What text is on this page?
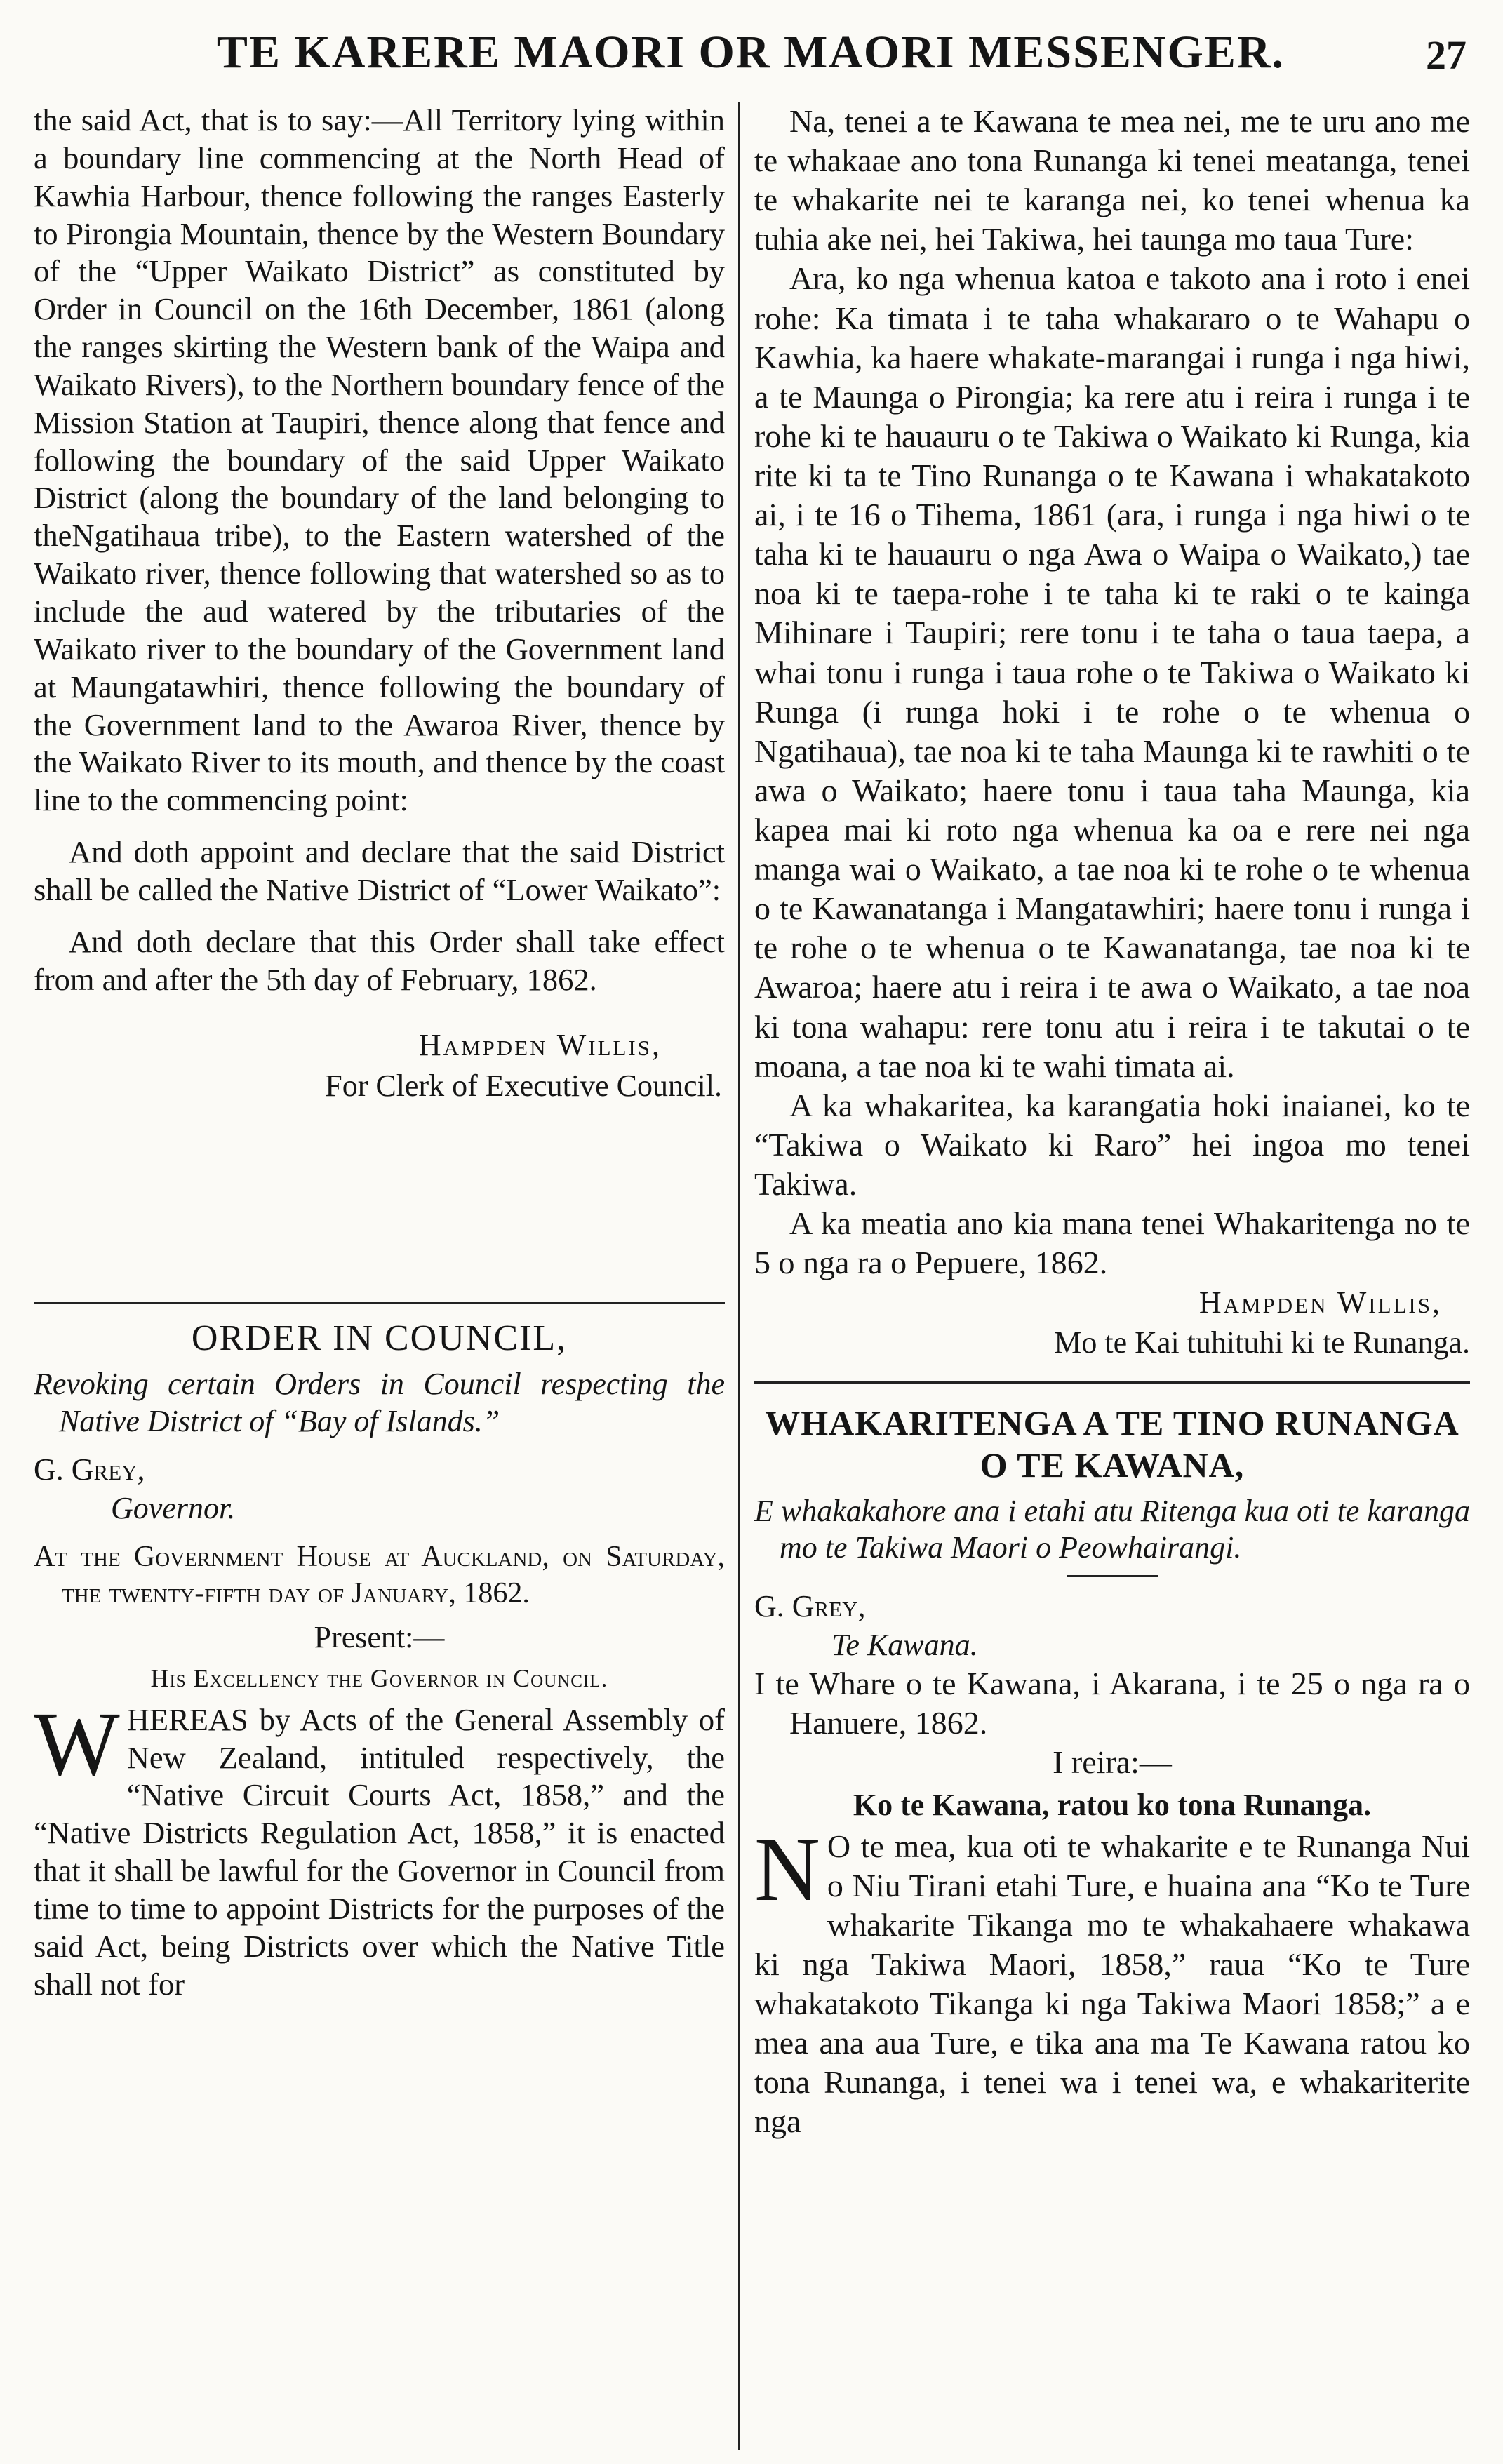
TE KARERE MAORI OR MAORI MESSENGER.	27

the said Act, that is to say:—All Territory lying within a boundary line commencing at the North Head of Kawhia Harbour, thence following the ranges Easterly to Pirongia Mountain, thence by the Western Boundary of the “Upper Waikato District” as constituted by Order in Council on the 16th December, 1861 (along the ranges skirting the Western bank of the Waipa and Waikato Rivers), to the Northern boundary fence of the Mission Station at Taupiri, thence along that fence and following the boundary of the said Upper Waikato District (along the boundary of the land belonging to theNgatihaua tribe), to the Eastern watershed of the Waikato river, thence following that watershed so as to include the aud watered by the tributaries of the Waikato river to the boundary of the Government land at Maungatawhiri, thence following the boundary of the Government land to the Awaroa River, thence by the Waikato River to its mouth, and thence by the coast line to the commencing point:

And doth appoint and declare that the said District shall be called the Native District of “Lower Waikato”:

And doth declare that this Order shall take effect from and after the 5th day of February, 1862.

Hampden Willis,

For Clerk of Executive Council.

ORDER IN COUNCIL,

Revoking certain Orders in Council respecting the Native District of “Bay of Islands.”

G. Grey,

Governor.

At the Government House at Auckland, on Saturday, the twenty-fifth day of January, 1862.

Present:—

His Excellency the Governor in Council.

WHEREAS by Acts of the General Assembly of New Zealand, intituled respectively, the “Native Circuit Courts Act, 1858,” and the “Native Districts Regulation Act, 1858,” it is enacted that it shall be lawful for the Governor in Council from time to time to appoint Districts for the purposes of the said Act, being Districts over which the Native Title shall not for

Na, tenei a te Kawana te mea nei, me te uru ano me te whakaae ano tona Runanga ki tenei meatanga, tenei te whakarite nei te karanga nei, ko tenei whenua ka tuhia ake nei, hei Takiwa, hei taunga mo taua Ture:

Ara, ko nga whenua katoa e takoto ana i roto i enei rohe: Ka timata i te taha whakararo o te Wahapu o Kawhia, ka haere whakate-marangai i runga i nga hiwi, a te Maunga o Pirongia; ka rere atu i reira i runga i te rohe ki te hauauru o te Takiwa o Waikato ki Runga, kia rite ki ta te Tino Runanga o te Kawana i whakatakoto ai, i te 16 o Tihema, 1861 (ara, i runga i nga hiwi o te taha ki te hauauru o nga Awa o Waipa o Waikato,) tae noa ki te taepa-rohe i te taha ki te raki o te kainga Mihinare i Taupiri; rere tonu i te taha o taua taepa, a whai tonu i runga i taua rohe o te Takiwa o Waikato ki Runga (i runga hoki i te rohe o te whenua o Ngatihaua), tae noa ki te taha Maunga ki te rawhiti o te awa o Waikato; haere tonu i taua taha Maunga, kia kapea mai ki roto nga whenua ka oa e rere nei nga manga wai o Waikato, a tae noa ki te rohe o te whenua o te Kawanatanga i Mangatawhiri; haere tonu i runga i te rohe o te whenua o te Kawanatanga, tae noa ki te Awaroa; haere atu i reira i te awa o Waikato, a tae noa ki tona wahapu: rere tonu atu i reira i te takutai o te moana, a tae noa ki te wahi timata ai.

A ka whakaritea, ka karangatia hoki inaianei, ko te “Takiwa o Waikato ki Raro” hei ingoa mo tenei Takiwa.

A ka meatia ano kia mana tenei Whakaritenga no te 5 o nga ra o Pepuere, 1862.

Hampden Willis,

Mo te Kai tuhituhi ki te Runanga.

WHAKARITENGA A TE TINO RUNANGA O TE KAWANA,

E whakakahore ana i etahi atu Ritenga kua oti te karanga mo te Takiwa Maori o Peowhairangi.

G. Grey,

Te Kawana.

I te Whare o te Kawana, i Akarana, i te 25 o nga ra o Hanuere, 1862.

I reira:—

Ko te Kawana, ratou ko tona Runanga.

N O te mea, kua oti te whakarite e te Runanga Nui o Niu Tirani etahi Ture, e huaina ana “Ko te Ture whakarite Tikanga mo te whakahaere whakawa ki nga Takiwa Maori, 1858,” raua “Ko te Ture whakatakoto Tikanga ki nga Takiwa Maori 1858;” a e mea ana aua Ture, e tika ana ma Te Kawana ratou ko tona Runanga, i tenei wa i tenei wa, e whakariterite nga
